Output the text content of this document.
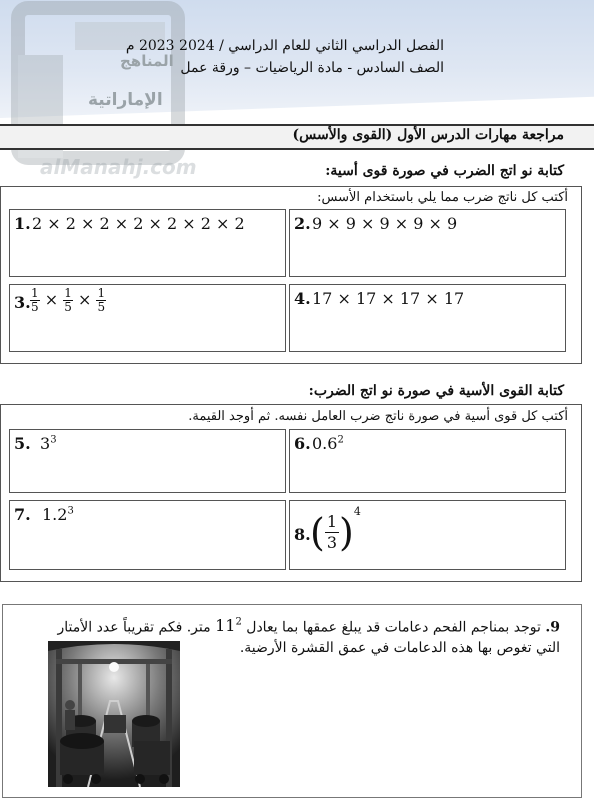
المناهج
الإماراتية
alManahj.com
الفصل الدراسي الثاني للعام الدراسي / 2024 2023 م
الصف السادس - مادة الرياضيات – ورقة عمل
مراجعة مهارات الدرس الأول (القوى والأسس)
كتابة نو اتج الضرب في صورة قوى أسية:
أكتب كل ناتج ضرب مما يلي باستخدام الأسس:
1. 2 × 2 × 2 × 2 × 2 × 2 × 2	2. 9 × 9 × 9 × 9 × 9
3. $\frac{1}{5} \times \frac{1}{5} \times \frac{1}{5}$	4. 17 × 17 × 17 × 17
كتابة القوى الأسية في صورة نو اتج الضرب:
أكتب كل قوى أسية في صورة ناتج ضرب العامل نفسه. ثم أوجد القيمة.
5. $3^3$	6. $0.6^2$
7. $1.2^3$
8. ( $\frac{1}{3} )^4$
9. توجد بمناجم الفحم دعامات قد يبلغ عمقها بما يعادل $11^2$ متر. فكم تقريباً عدد الأمتار التي تغوص بها هذه الدعامات في عمق القشرة الأرضية.
